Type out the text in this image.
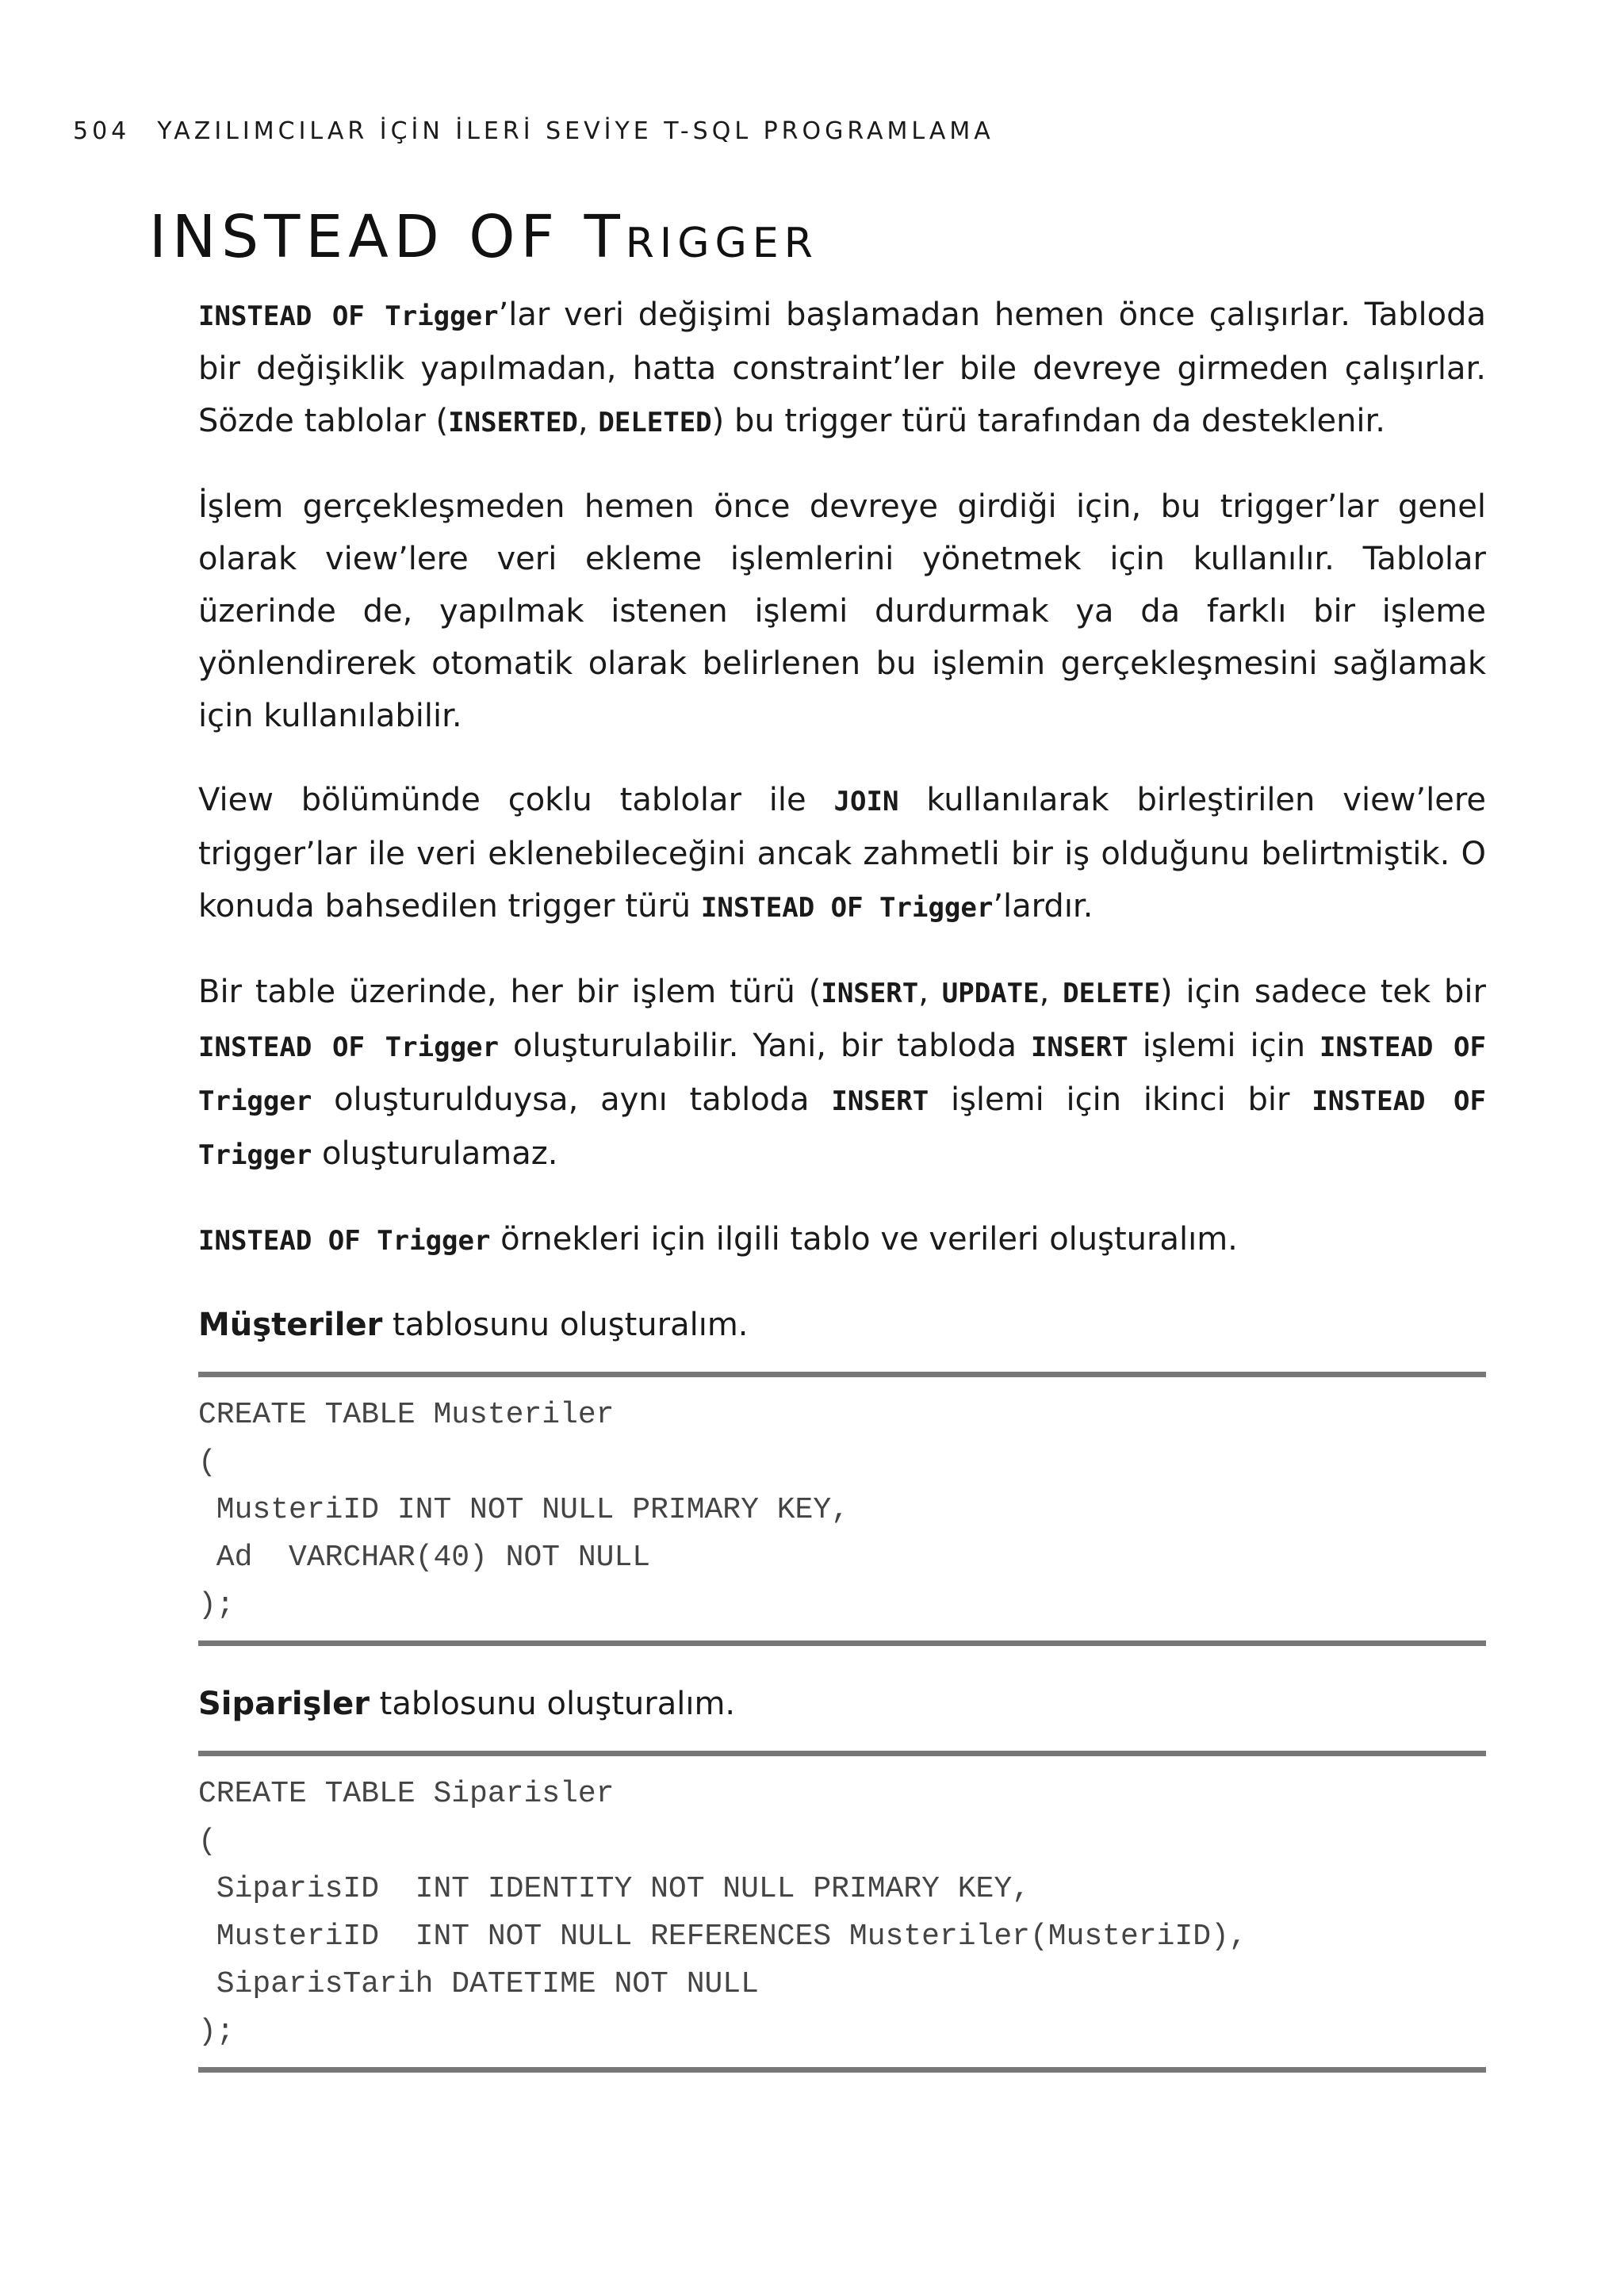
504 YAZILIMCILAR İÇİN İLERİ SEVİYE T-SQL PROGRAMLAMA
INSTEAD OF Trigger

INSTEAD OF Trigger’lar veri değişimi başlamadan hemen önce çalışırlar. Tabloda bir değişiklik yapılmadan, hatta constraint’ler bile devreye girmeden çalışırlar. Sözde tablolar (INSERTED, DELETED) bu trigger türü tarafından da desteklenir.

İşlem gerçekleşmeden hemen önce devreye girdiği için, bu trigger’lar genel olarak view’lere veri ekleme işlemlerini yönetmek için kullanılır. Tablolar üzerinde de, yapılmak istenen işlemi durdurmak ya da farklı bir işleme yönlendirerek otomatik olarak belirlenen bu işlemin gerçekleşmesini sağlamak için kullanılabilir.

View bölümünde çoklu tablolar ile JOIN kullanılarak birleştirilen view’lere trigger’lar ile veri eklenebileceğini ancak zahmetli bir iş olduğunu belirtmiştik. O konuda bahsedilen trigger türü INSTEAD OF Trigger’lardır.

Bir table üzerinde, her bir işlem türü (INSERT, UPDATE, DELETE) için sadece tek bir INSTEAD OF Trigger oluşturulabilir. Yani, bir tabloda INSERT işlemi için INSTEAD OF Trigger oluşturulduysa, aynı tabloda INSERT işlemi için ikinci bir INSTEAD OF Trigger oluşturulamaz.

INSTEAD OF Trigger örnekleri için ilgili tablo ve verileri oluşturalım.

Müşteriler tablosunu oluşturalım.

CREATE TABLE Musteriler
(
MusteriID INT NOT NULL PRIMARY KEY,
Ad  VARCHAR(40) NOT NULL
);

Siparişler tablosunu oluşturalım.

CREATE TABLE Siparisler
(
SiparisID  INT IDENTITY NOT NULL PRIMARY KEY,
MusteriID  INT NOT NULL REFERENCES Musteriler(MusteriID),
SiparisTarih DATETIME NOT NULL
);
